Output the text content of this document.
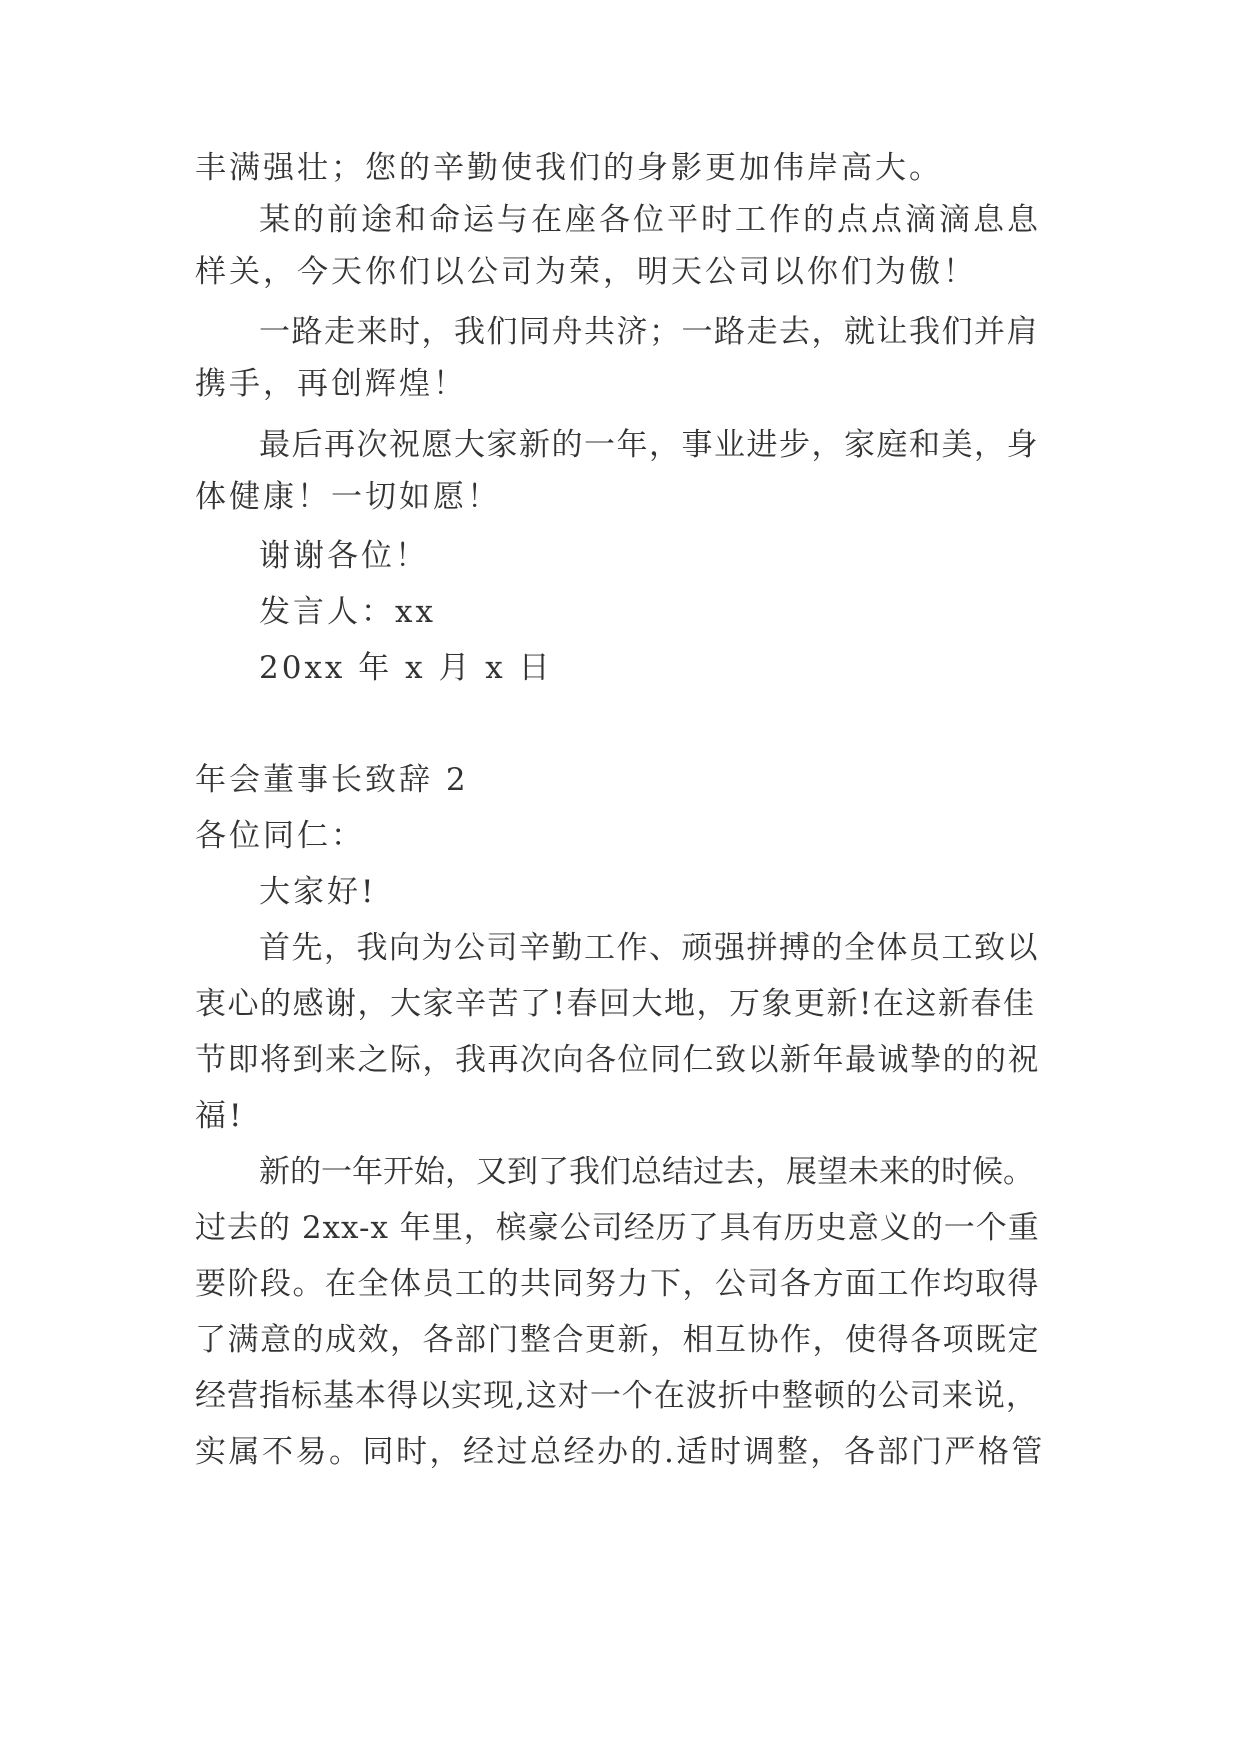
丰满强壮；您的辛勤使我们的身影更加伟岸高大。
某的前途和命运与在座各位平时工作的点点滴滴息息
样关，今天你们以公司为荣，明天公司以你们为傲！
一路走来时，我们同舟共济；一路走去，就让我们并肩
携手，再创辉煌！
最后再次祝愿大家新的一年，事业进步，家庭和美，身
体健康！一切如愿！
谢谢各位！
发言人：xx
20xx 年 x 月 x 日
年会董事长致辞 2
各位同仁：
大家好!
首先，我向为公司辛勤工作、顽强拼搏的全体员工致以
衷心的感谢，大家辛苦了!春回大地，万象更新!在这新春佳
节即将到来之际，我再次向各位同仁致以新年最诚挚的的祝
福!
新的一年开始，又到了我们总结过去，展望未来的时候。
过去的 2xx-x 年里，槟豪公司经历了具有历史意义的一个重
要阶段。在全体员工的共同努力下，公司各方面工作均取得
了满意的成效，各部门整合更新，相互协作，使得各项既定
经营指标基本得以实现,这对一个在波折中整顿的公司来说，
实属不易。同时，经过总经办的.适时调整，各部门严格管
